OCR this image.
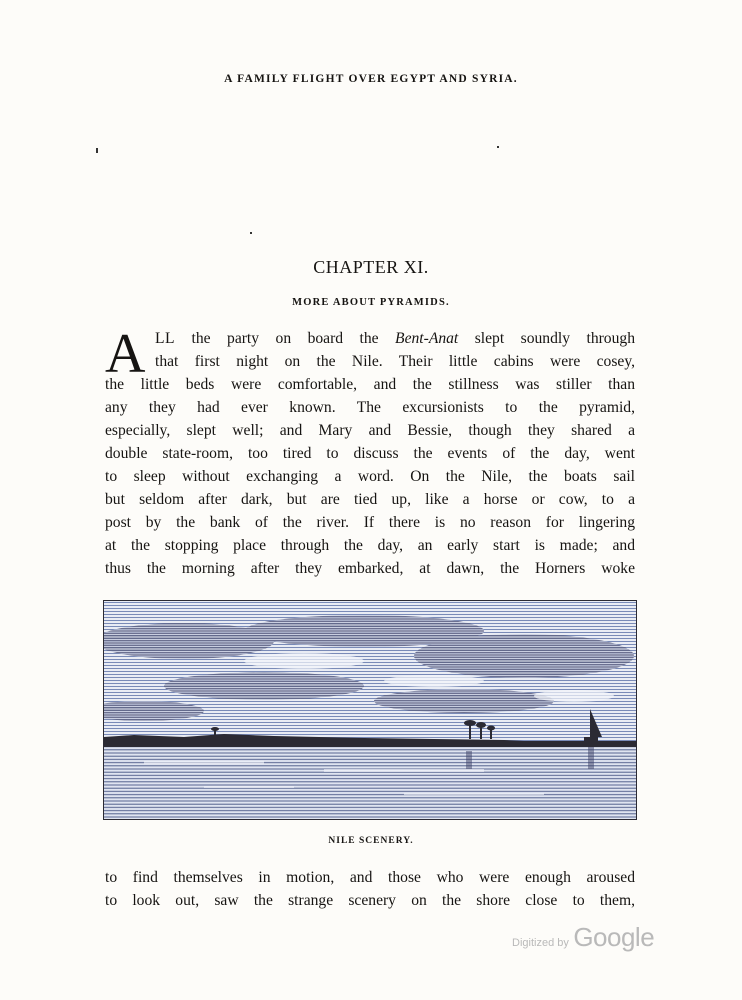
A FAMILY FLIGHT OVER EGYPT AND SYRIA.
CHAPTER XI.
MORE ABOUT PYRAMIDS.
A LL the party on board the Bent-Anat slept soundly through
that first night on the Nile. Their little cabins were cosey,
the little beds were comfortable, and the stillness was stiller than
any they had ever known. The excursionists to the pyramid,
especially, slept well; and Mary and Bessie, though they shared a
double state-room, too tired to discuss the events of the day, went
to sleep without exchanging a word. On the Nile, the boats sail
but seldom after dark, but are tied up, like a horse or cow, to a
post by the bank of the river. If there is no reason for lingering
at the stopping place through the day, an early start is made; and
thus the morning after they embarked, at dawn, the Horners woke
NILE SCENERY.
to find themselves in motion, and those who were enough aroused
to look out, saw the strange scenery on the shore close to them,
Digitized by Google
